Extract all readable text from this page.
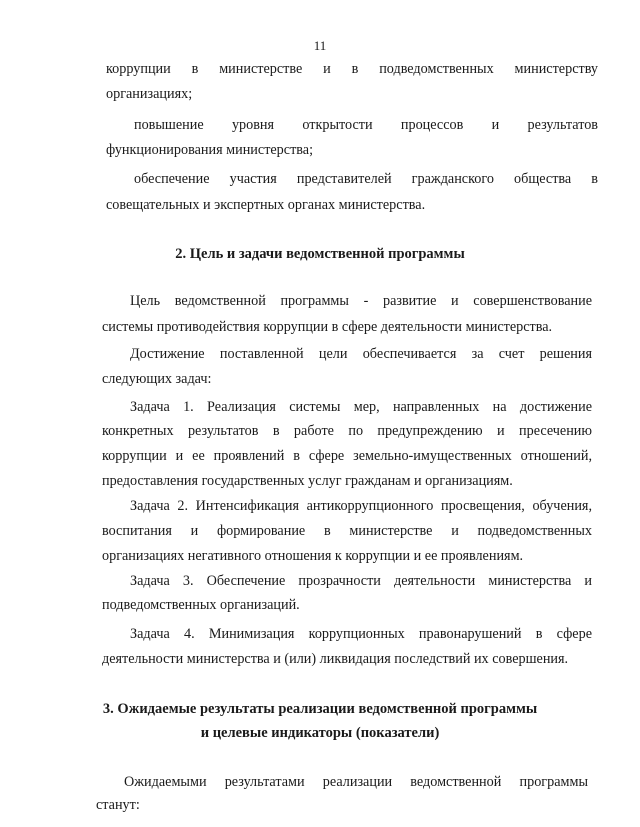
11
коррупции в министерстве и в подведомственных министерству
организациях;
повышение уровня открытости процессов и результатов
функционирования министерства;
обеспечение участия представителей гражданского общества в
совещательных и экспертных органах министерства.
2. Цель и задачи ведомственной программы
Цель ведомственной программы - развитие и совершенствование
системы противодействия коррупции в сфере деятельности министерства.
Достижение поставленной цели обеспечивается за счет решения
следующих задач:
Задача 1. Реализация системы мер, направленных на достижение
конкретных результатов в работе по предупреждению и пресечению
коррупции и ее проявлений в сфере земельно-имущественных отношений,
предоставления государственных услуг гражданам и организациям.
Задача 2. Интенсификация антикоррупционного просвещения, обучения,
воспитания и формирование в министерстве и подведомственных
организациях негативного отношения к коррупции и ее проявлениям.
Задача 3. Обеспечение прозрачности деятельности министерства и
подведомственных организаций.
Задача 4. Минимизация коррупционных правонарушений в сфере
деятельности министерства и (или) ликвидация последствий их совершения.
3. Ожидаемые результаты реализации ведомственной программы
и целевые индикаторы (показатели)
Ожидаемыми результатами реализации ведомственной программы
станут:
